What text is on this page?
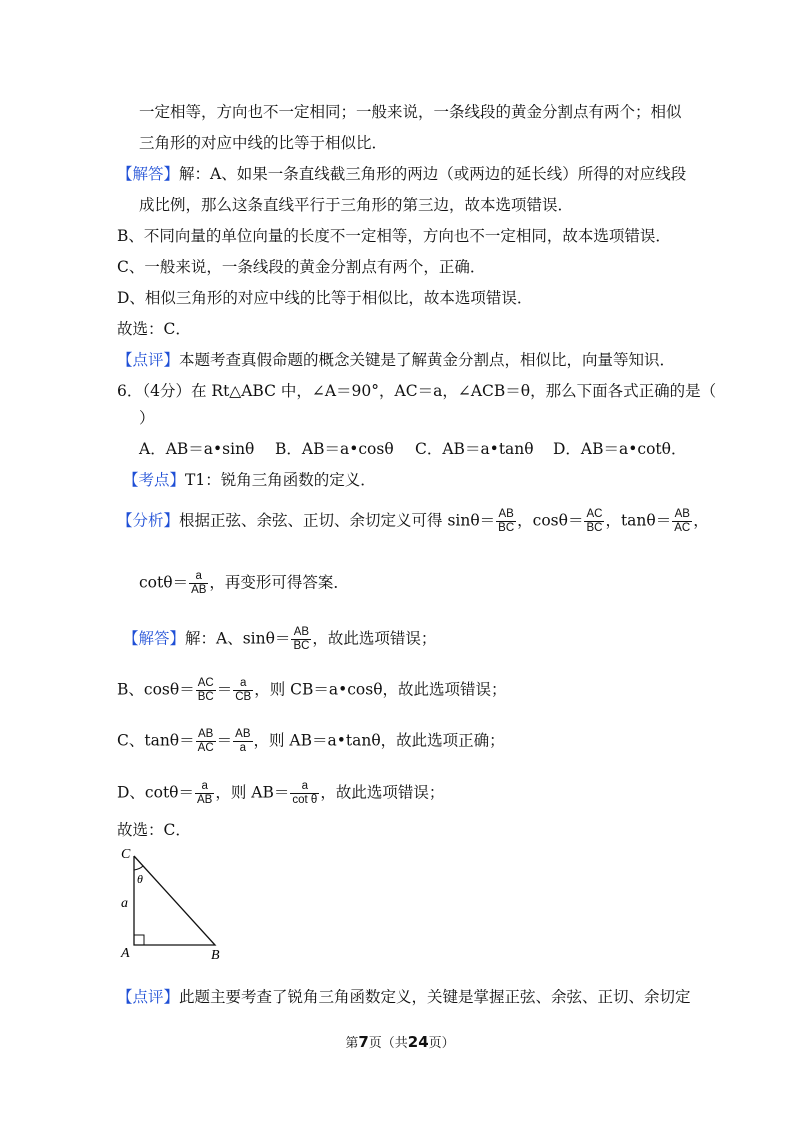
一定相等，方向也不一定相同；一般来说，一条线段的黄金分割点有两个；相似
三角形的对应中线的比等于相似比．
【解答】解：A、如果一条直线截三角形的两边（或两边的延长线）所得的对应线段
成比例，那么这条直线平行于三角形的第三边，故本选项错误．
B、不同向量的单位向量的长度不一定相等，方向也不一定相同，故本选项错误．
C、一般来说，一条线段的黄金分割点有两个，正确．
D、相似三角形的对应中线的比等于相似比，故本选项错误．
故选：C．
【点评】本题考查真假命题的概念关键是了解黄金分割点，相似比，向量等知识．
6．（4分）在 Rt△ABC 中，∠A＝90°，AC＝a，∠ACB＝θ，那么下面各式正确的是（
）
A．AB＝a•sinθ B．AB＝a•cosθ C．AB＝a•tanθ D．AB＝a•cotθ．
【考点】T1：锐角三角函数的定义．
【分析】根据正弦、余弦、正切、余切定义可得 $\sin\theta= \frac{AB}{BC}$ ，$\cos\theta= \frac{AC}{BC}$ ，$\tan\theta= \frac{AB}{AC}$ ，
$\cot\theta= \frac{a}{AB}$ ，再变形可得答案．
【解答】解：A、$\sin\theta= \frac{AB}{BC}$ ，故此选项错误；
B、$\cos\theta= \frac{AC}{BC} = \frac{a}{CB}$ ，则 CB＝a•cosθ，故此选项错误；
C、$\tan\theta= \frac{AB}{AC} = \frac{AB}{a}$ ，则 AB＝a•tanθ，故此选项正确；
D、$\cot\theta= \frac{a}{AB}$ ，则 $AB= \frac{a}{\text{cot θ}}$ ，故此选项错误；
故选：C．
C
A	B
a
θ
【点评】此题主要考查了锐角三角函数定义，关键是掌握正弦、余弦、正切、余切定
第7页（共24页）
